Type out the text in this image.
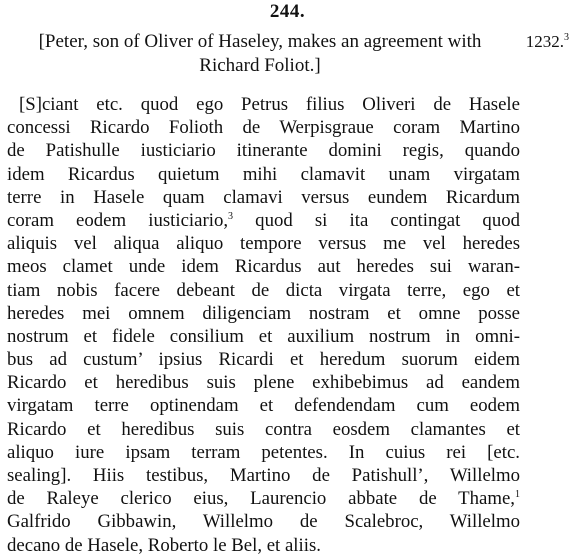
244.
[Peter, son of Oliver of Haseley, makes an agreement with
Richard Foliot.]
1232.$^3$
[S]ciant etc. quod ego Petrus filius Oliveri de Hasele
concessi Ricardo Folioth de Werpisgraue coram Martino
de Patishulle iusticiario itinerante domini regis, quando
idem Ricardus quietum mihi clamavit unam virgatam
terre in Hasele quam clamavi versus eundem Ricardum
coram eodem iusticiario,$^3$ quod si ita contingat quod
aliquis vel aliqua aliquo tempore versus me vel heredes
meos clamet unde idem Ricardus aut heredes sui waran-
tiam nobis facere debeant de dicta virgata terre, ego et
heredes mei omnem diligenciam nostram et omne posse
nostrum et fidele consilium et auxilium nostrum in omni-
bus ad custum’ ipsius Ricardi et heredum suorum eidem
Ricardo et heredibus suis plene exhibebimus ad eandem
virgatam terre optinendam et defendendam cum eodem
Ricardo et heredibus suis contra eosdem clamantes et
aliquo iure ipsam terram petentes. In cuius rei [etc.
sealing]. Hiis testibus, Martino de Patishull’, Willelmo
de Raleye clerico eius, Laurencio abbate de Thame,$^1$
Galfrido Gibbawin, Willelmo de Scalebroc, Willelmo
decano de Hasele, Roberto le Bel, et aliis.
